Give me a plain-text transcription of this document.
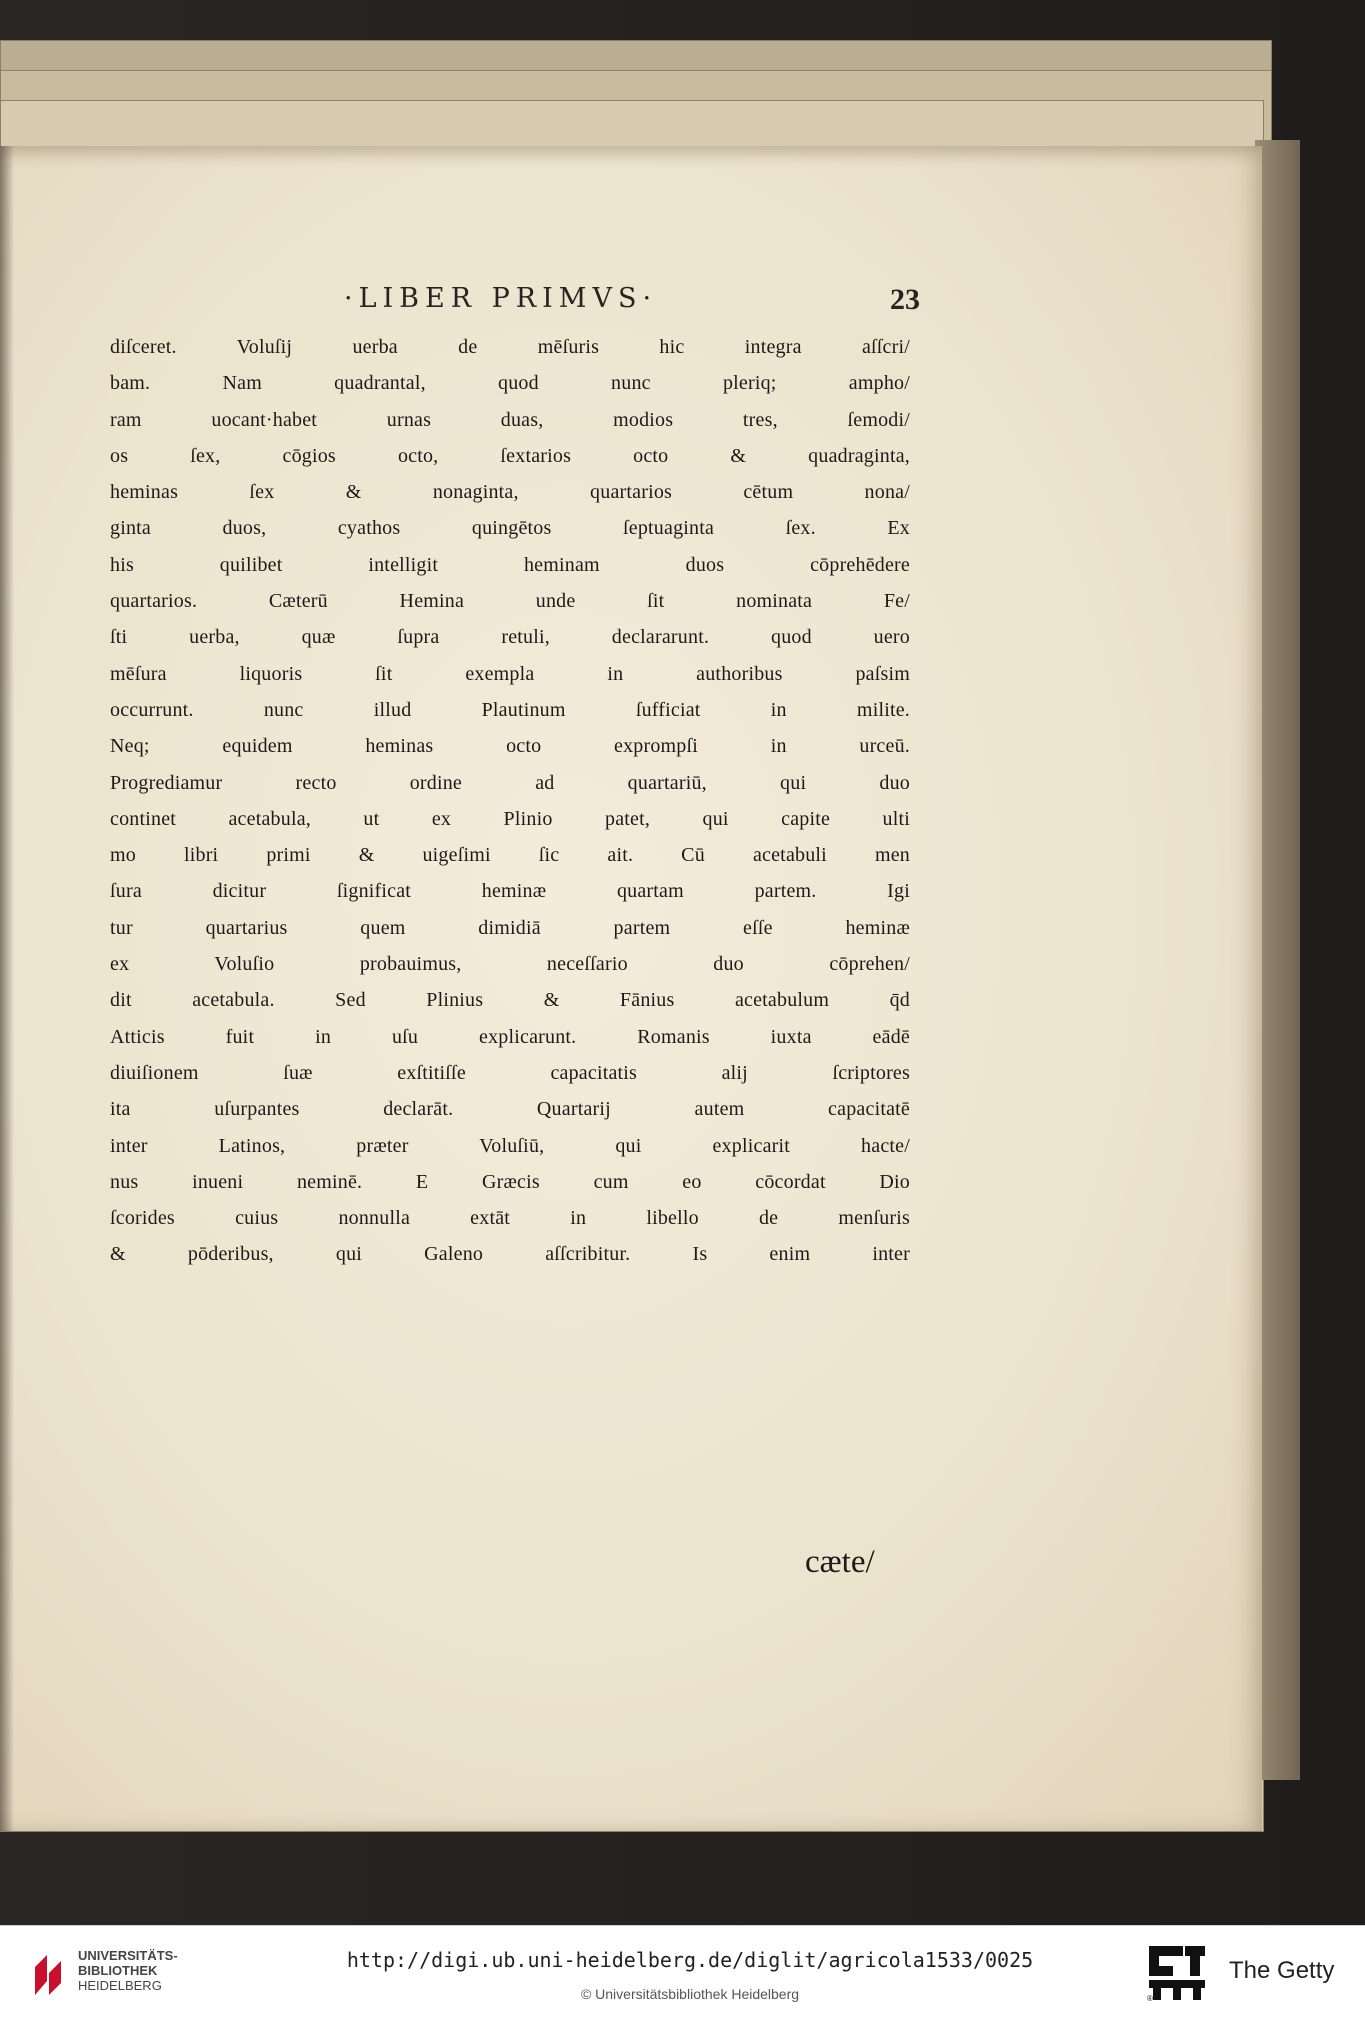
·LIBER PRIMVS·	23
diſceret. Voluſij uerba de mēſuris hic integra aſſcri/
bam. Nam quadrantal, quod nunc pleriq; ampho/
ram uocant·habet urnas duas, modios tres, ſemodi/
os ſex, cōgios octo, ſextarios octo & quadraginta,
heminas ſex & nonaginta, quartarios cētum nona/
ginta duos, cyathos quingētos ſeptuaginta ſex. Ex
his quilibet intelligit heminam duos cōprehēdere
quartarios. Cæterū Hemina unde ſit nominata Fe/
ſti uerba, quæ ſupra retuli, declararunt. quod uero
mēſura liquoris ſit exempla in authoribus paſsim
occurrunt. nunc illud Plautinum ſufficiat in milite.
Neq; equidem heminas octo exprompſi in urceū.
Progrediamur recto ordine ad quartariū, qui duo
continet acetabula, ut ex Plinio patet, qui capite ulti
mo libri primi & uigeſimi ſic ait. Cū acetabuli men
ſura dicitur ſignificat heminæ quartam partem. Igi
tur quartarius quem dimidiā partem eſſe heminæ
ex Voluſio probauimus, neceſſario duo cōprehen/
dit acetabula. Sed Plinius & Fānius acetabulum q̄d
Atticis fuit in uſu explicarunt. Romanis iuxta eādē
diuiſionem ſuæ exſtitiſſe capacitatis alij ſcriptores
ita uſurpantes declarāt. Quartarij autem capacitatē
inter Latinos, præter Voluſiū, qui explicarit hacte/
nus inueni neminē. E Græcis cum eo cōcordat Dio
ſcorides cuius nonnulla extāt in libello de menſuris
& pōderibus, qui Galeno aſſcribitur. Is enim inter
cæte/
UNIVERSITÄTS-
BIBLIOTHEK
HEIDELBERG
http://digi.ub.uni-heidelberg.de/diglit/agricola1533/0025
© Universitätsbibliothek Heidelberg	®
The Getty
